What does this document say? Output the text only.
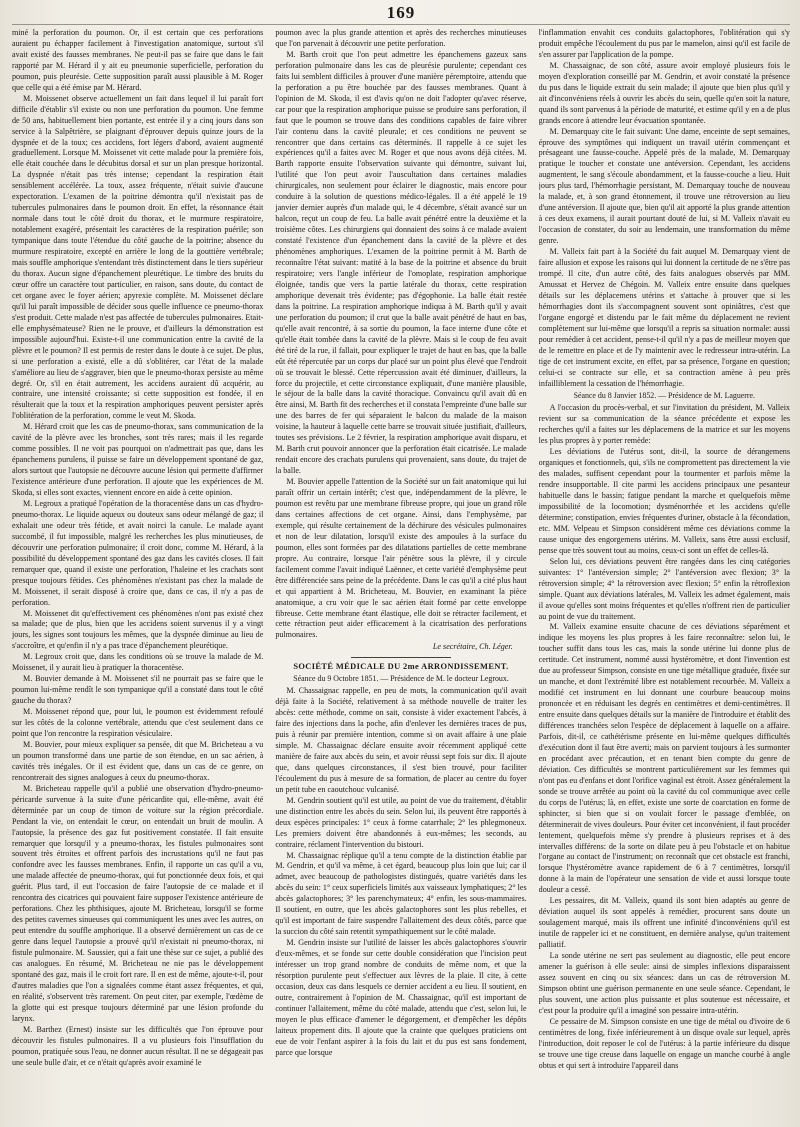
169

miné la perforation du poumon. Or, il est certain que ces perforations auraient pu échapper facilement à l'investigation anatomique, surtout s'il avait existé des fausses membranes. Ne peut-il pas se faire que dans le fait rapporté par M. Hérard il y ait eu pneumonie superficielle, perforation du poumon, puis pleurésie. Cette supposition paraît aussi plausible à M. Roger que celle qui a été émise par M. Hérard.

M. Moissenet observe actuellement un fait dans lequel il lui paraît fort difficile d'établir s'il existe ou non une perforation du poumon. Une femme de 50 ans, habituellement bien portante, est entrée il y a cinq jours dans son service à la Salpêtrière, se plaignant d'éprouver depuis quinze jours de la dyspnée et de la toux; ces accidens, fort légers d'abord, avaient augmenté graduellement. Lorsque M. Moissenet vit cette malade pour la première fois, elle était couchée dans le décubitus dorsal et sur un plan presque horizontal. La dyspnée n'était pas très intense; cependant la respiration était sensiblement accélérée. La toux, assez fréquente, n'était suivie d'aucune expectoration. L'examen de la poitrine démontra qu'il n'existait pas de tubercules pulmonaires dans le poumon droit. En effet, la résonnance était normale dans tout le côté droit du thorax, et le murmure respiratoire, notablement exagéré, présentait les caractères de la respiration puérile; son tympanique dans toute l'étendue du côté gauche de la poitrine; absence du murmure respiratoire, excepté en arrière le long de la gouttière vertébrale; mais souffle amphorique s'entendant très distinctement dans le tiers supérieur du thorax. Aucun signe d'épanchement pleurétique. Le timbre des bruits du cœur offre un caractère tout particulier, en raison, sans doute, du contact de cet organe avec le foyer aérien; apyrexie complète. M. Moissenet déclare qu'il lui paraît impossible de décider sous quelle influence ce pneumo-thorax s'est produit. Cette malade n'est pas affectée de tubercules pulmonaires. Etait-elle emphysémateuse? Rien ne le prouve, et d'ailleurs la démonstration est impossible aujourd'hui. Existe-t-il une communication entre la cavité de la plèvre et le poumon? Il est permis de rester dans le doute à ce sujet. De plus, si une perforation a existé, elle a dû s'oblitérer, car l'état de la malade s'améliore au lieu de s'aggraver, bien que le pneumo-thorax persiste au même degré. Or, s'il en était autrement, les accidens auraient dû acquérir, au contraire, une intensité croissante; si cette supposition est fondée, il en résulterait que la toux et la respiration amphoriques peuvent persister après l'oblitération de la perforation, comme le veut M. Skoda.

M. Hérard croit que les cas de pneumo-thorax, sans communication de la cavité de la plèvre avec les bronches, sont très rares; mais il les regarde comme possibles. Il ne voit pas pourquoi on n'admettrait pas que, dans les épanchemens purulens, il puisse se faire un développement spontané de gaz, alors surtout que l'autopsie ne découvre aucune lésion qui permette d'affirmer l'existence antérieure d'une perforation. Il ajoute que les expériences de M. Skoda, si elles sont exactes, viennent encore en aide à cette opinion.

M. Legroux a pratiqué l'opération de la thoracentèse dans un cas d'hydro-pneumo-thorax. Le liquide aqueux ou douteux sans odeur mélangé de gaz; il exhalait une odeur très fétide, et avait noirci la canule. Le malade ayant succombé, il fut impossible, malgré les recherches les plus minutieuses, de découvrir une perforation pulmonaire; il croit donc, comme M. Hérard, à la possibilité du développement spontané des gaz dans les cavités closes. Il fait remarquer que, quand il existe une perforation, l'haleine et les crachats sont presque toujours fétides. Ces phénomènes n'existant pas chez la malade de M. Moissenet, il serait disposé à croire que, dans ce cas, il n'y a pas de perforation.

M. Moissenet dit qu'effectivement ces phénomènes n'ont pas existé chez sa malade; que de plus, bien que les accidens soient survenus il y a vingt jours, les signes sont toujours les mêmes, que la dyspnée diminue au lieu de s'accroître, et qu'enfin il n'y a pas trace d'épanchement pleurétique.

M. Legroux croit que, dans les conditions où se trouve la malade de M. Moissenet, il y aurait lieu à pratiquer la thoracentèse.

M. Bouvier demande à M. Moissenet s'il ne pourrait pas se faire que le poumon lui-même rendît le son tympanique qu'il a constaté dans tout le côté gauche du thorax?

M. Moissenet répond que, pour lui, le poumon est évidemment refoulé sur les côtés de la colonne vertébrale, attendu que c'est seulement dans ce point que l'on rencontre la respiration vésiculaire.

M. Bouvier, pour mieux expliquer sa pensée, dit que M. Bricheteau a vu un poumon transformé dans une partie de son étendue, en un sac aérien, à cavités très inégales. Or il est évident que, dans un cas de ce genre, on rencontrerait des signes analogues à ceux du pneumo-thorax.

M. Bricheteau rappelle qu'il a publié une observation d'hydro-pneumo-péricarde survenue à la suite d'une péricardite qui, elle-même, avait été déterminée par un coup de timon de voiture sur la région précordiale. Pendant la vie, on entendait le cœur, on entendait un bruit de moulin. A l'autopsie, la présence des gaz fut positivement constatée. Il fait ensuite remarquer que lorsqu'il y a pneumo-thorax, les fistules pulmonaires sont souvent très étroites et offrent parfois des incrustations qu'il ne faut pas confondre avec les fausses membranes. Enfin, il rapporte un cas qu'il a vu, une malade affectée de pneumo-thorax, qui fut ponctionnée deux fois, et qui guérit. Plus tard, il eut l'occasion de faire l'autopsie de ce malade et il rencontra des cicatrices qui pouvaient faire supposer l'existence antérieure de perforations. Chez les phthisiques, ajoute M. Bricheteau, lorsqu'il se forme des petites cavernes sinueuses qui communiquent les unes avec les autres, on peut entendre du souffle amphorique. Il a observé dernièrement un cas de ce genre dans lequel l'autopsie a prouvé qu'il n'existait ni pneumo-thorax, ni fistule pulmonaire. M. Saussier, qui a fait une thèse sur ce sujet, a publié des cas analogues. En résumé, M. Bricheteau ne nie pas le développement spontané des gaz, mais il le croit fort rare. Il en est de même, ajoute-t-il, pour d'autres maladies que l'on a signalées comme étant assez fréquentes, et qui, en réalité, s'observent très rarement. On peut citer, par exemple, l'œdème de la glotte qui est presque toujours déterminé par une lésion profonde du larynx.

M. Barthez (Ernest) insiste sur les difficultés que l'on éprouve pour découvrir les fistules pulmonaires. Il a vu plusieurs fois l'insufflation du poumon, pratiquée sous l'eau, ne donner aucun résultat. Il ne se dégageait pas une seule bulle d'air, et ce n'était qu'après avoir examiné le

poumon avec la plus grande attention et après des recherches minutieuses que l'on parvenait à découvrir une petite perforation.

M. Barth croit que l'on peut admettre les épanchemens gazeux sans perforation pulmonaire dans les cas de pleurésie purulente; cependant ces faits lui semblent difficiles à prouver d'une manière péremptoire, attendu que la perforation a pu être bouchée par des fausses membranes. Quant à l'opinion de M. Skoda, il est d'avis qu'on ne doit l'adopter qu'avec réserve, car pour que la respiration amphorique puisse se produire sans perforation, il faut que le poumon se trouve dans des conditions capables de faire vibrer l'air contenu dans la cavité pleurale; et ces conditions ne peuvent se rencontrer que dans certains cas déterminés. Il rappelle à ce sujet les expériences qu'il a faites avec M. Roger et que nous avons déjà citées. M. Barth rapporte ensuite l'observation suivante qui démontre, suivant lui, l'utilité que l'on peut avoir l'auscultation dans certaines maladies chirurgicales, non seulement pour éclairer le diagnostic, mais encore pour conduire à la solution de questions médico-légales. Il a été appelé le 19 janvier dernier auprès d'un malade qui, le 4 décembre, s'était avancé sur un balcon, reçut un coup de feu. La balle avait pénétré entre la deuxième et la troisième côtes. Les chirurgiens qui donnaient des soins à ce malade avaient constaté l'existence d'un épanchement dans la cavité de la plèvre et des phénomènes amphoriques. L'examen de la poitrine permit à M. Barth de reconnaître l'état suivant: matité à la base de la poitrine et absence du bruit respiratoire; vers l'angle inférieur de l'omoplate, respiration amphorique éloignée, tandis que vers la partie latérale du thorax, cette respiration amphorique devenait très évidente; pas d'égophonie. La balle était restée dans la poitrine. La respiration amphorique indiqua à M. Barth qu'il y avait une perforation du poumon; il crut que la balle avait pénétré de haut en bas, qu'elle avait rencontré, à sa sortie du poumon, la face interne d'une côte et qu'elle était tombée dans la cavité de la plèvre. Mais si le coup de feu avait été tiré de la rue, il fallait, pour expliquer le trajet de haut en bas, que la balle eût été répercutée par un corps dur placé sur un point plus élevé que l'endroit où se trouvait le blessé. Cette répercussion avait été diminuer, d'ailleurs, la force du projectile, et cette circonstance expliquait, d'une manière plausible, le séjour de la balle dans la cavité thoracique. Convaincu qu'il avait dû en être ainsi, M. Barth fit des recherches et il constata l'empreinte d'une balle sur une des barres de fer qui séparaient le balcon du malade de la maison voisine, la hauteur à laquelle cette barre se trouvait située justifiait, d'ailleurs, toutes ses prévisions. Le 2 février, la respiration amphorique avait disparu, et M. Barth crut pouvoir annoncer que la perforation était cicatrisée. Le malade rendait encore des crachats purulens qui provenaient, sans doute, du trajet de la balle.

M. Bouvier appelle l'attention de la Société sur un fait anatomique qui lui paraît offrir un certain intérêt; c'est que, indépendamment de la plèvre, le poumon est revêtu par une membrane fibreuse propre, qui joue un grand rôle dans certaines affections de cet organe. Ainsi, dans l'emphysème, par exemple, qui résulte certainement de la déchirure des vésicules pulmonaires et non de leur dilatation, lorsqu'il existe des ampoules à la surface du poumon, elles sont formées par des dilatations partielles de cette membrane propre. Au contraire, lorsque l'air pénètre sous la plèvre, il y circule facilement comme l'avait indiqué Laënnec, et cette variété d'emphysème peut être différenciée sans peine de la précédente. Dans le cas qu'il a cité plus haut et qui appartient à M. Bricheteau, M. Bouvier, en examinant la pièce anatomique, a cru voir que le sac aérien était formé par cette enveloppe fibreuse. Cette membrane étant élastique, elle doit se rétracter facilement, et cette rétraction peut aider efficacement à la cicatrisation des perforations pulmonaires.

Le secrétaire, Ch. Léger.
SOCIÉTÉ MÉDICALE DU 2me ARRONDISSEMENT.
Séance du 9 Octobre 1851. — Présidence de M. le docteur Legroux.

M. Chassaignac rappelle, en peu de mots, la communication qu'il avait déjà faite à la Société, relativement à sa méthode nouvelle de traiter les abcès: cette méthode, comme on sait, consiste à vider exactement l'abcès, à faire des injections dans la poche, afin d'enlever les dernières traces de pus, puis à réunir par première intention, comme si on avait affaire à une plaie simple. M. Chassaignac déclare ensuite avoir récemment appliqué cette manière de faire aux abcès du sein, et avoir réussi sept fois sur dix. Il ajoute que, dans quelques circonstances, il s'est bien trouvé, pour faciliter l'écoulement du pus à mesure de sa formation, de placer au centre du foyer un petit tube en caoutchouc vulcanisé.

M. Gendrin soutient qu'il est utile, au point de vue du traitement, d'établir une distinction entre les abcès du sein. Selon lui, ils peuvent être rapportés à deux espèces principales: 1° ceux à forme catarrhale; 2° les phlegmoneux. Les premiers doivent être abandonnés à eux-mêmes; les seconds, au contraire, réclament l'intervention du bistouri.

M. Chassaignac réplique qu'il a tenu compte de la distinction établie par M. Gendrin, et qu'il va même, à cet égard, beaucoup plus loin que lui; car il admet, avec beaucoup de pathologistes distingués, quatre variétés dans les abcès du sein: 1° ceux superficiels limités aux vaisseaux lymphatiques; 2° les abcès galactophores; 3° les parenchymateux; 4° enfin, les sous-mammaires. Il soutient, en outre, que les abcès galactophores sont les plus rebelles, et qu'il est important de faire suspendre l'allaitement des deux côtés, parce que la succion du côté sain retentit sympathiquement sur le côté malade.

M. Gendrin insiste sur l'utilité de laisser les abcès galactophores s'ouvrir d'eux-mêmes, et se fonde sur cette double considération que l'incision peut intéresser un trop grand nombre de conduits de même nom, et que la résorption purulente peut s'effectuer aux lèvres de la plaie. Il cite, à cette occasion, deux cas dans lesquels ce dernier accident a eu lieu. Il soutient, en outre, contrairement à l'opinion de M. Chassaignac, qu'il est important de continuer l'allaitement, même du côté malade, attendu que c'est, selon lui, le moyen le plus efficace d'amener le dégorgement, et d'empêcher les dépôts laiteux propement dits. Il ajoute que la crainte que quelques praticiens ont eue de voir l'enfant aspirer à la fois du lait et du pus est sans fondement, parce que lorsque

l'inflammation envahit ces conduits galactophores, l'oblitération qui s'y produit empêche l'écoulement du pus par le mamelon, ainsi qu'il est facile de s'en assurer par l'application de la pompe.

M. Chassaignac, de son côté, assure avoir employé plusieurs fois le moyen d'exploration conseillé par M. Gendrin, et avoir constaté la présence du pus dans le liquide extrait du sein malade; il ajoute que bien plus qu'il y ait d'inconvéniens réels à ouvrir les abcès du sein, quelle qu'en soit la nature, quand ils sont parvenus à la période de maturité, et estime qu'il y en a de plus grands encore à attendre leur évacuation spontanée.

M. Demarquay cite le fait suivant: Une dame, enceinte de sept semaines, éprouve des symptômes qui indiquent un travail utérin commençant et présageant une fausse-couche. Appelé près de la malade, M. Demarquay pratique le toucher et constate une antéversion. Cependant, les accidens augmentent, le sang s'écoule abondamment, et la fausse-couche a lieu. Huit jours plus tard, l'hémorrhagie persistant, M. Demarquay touche de nouveau la malade, et, à son grand étonnement, il trouve une rétroversion au lieu d'une antéversion. Il ajoute que, bien qu'il ait apporté la plus grande attention à ces deux examens, il aurait pourtant douté de lui, si M. Valleix n'avait eu l'occasion de constater, du soir au lendemain, une transformation du même genre.

M. Valleix fait part à la Société du fait auquel M. Demarquay vient de faire allusion et expose les raisons qui lui donnent la certitude de ne s'être pas trompé. Il cite, d'un autre côté, des faits analogues observés par MM. Amussat et Hervez de Chégoin. M. Valleix entre ensuite dans quelques détails sur les déplacemens utérins et s'attache à prouver que si les hémorrhagies dont ils s'accompagnent souvent sont opiniâtres, c'est que l'organe engorgé et distendu par le fait même du déplacement ne revient complètement sur lui-même que lorsqu'il a repris sa situation normale: aussi pour remédier à cet accident, pense-t-il qu'il n'y a pas de meilleur moyen que de le remettre en place et de l'y maintenir avec le redresseur intra-utérin. La tige de cet instrument excite, en effet, par sa présence, l'organe en question; celui-ci se contracte sur elle, et sa contraction amène à peu près infailliblement la cessation de l'hémorrhagie.

Séance du 8 Janvier 1852. — Présidence de M. Laguerre.

A l'occasion du procès-verbal, et sur l'invitation du président, M. Valleix revient sur sa communication de la séance précédente et expose les recherches qu'il a faites sur les déplacemens de la matrice et sur les moyens les plus propres à y porter remède:

Les déviations de l'utérus sont, dit-il, la source de dérangemens organiques et fonctionnels, qui, s'ils ne compromettent pas directement la vie des malades, suffisent cependant pour la tourmenter et parfois même la rendre insupportable. Il cite parmi les accidens principaux une pesanteur habituelle dans le bassin; fatigue pendant la marche et quelquefois même impossibilité de la locomotion; dysménorrhée et les accidens qu'elle détermine; constipation, envies fréquentes d'uriner, obstacle à la fécondation, etc. MM. Velpeau et Simpson considèrent même ces déviations comme la cause unique des engorgemens utérins. M. Valleix, sans être aussi exclusif, pense que très souvent tout au moins, ceux-ci sont un effet de celles-là.

Selon lui, ces déviations peuvent être rangées dans les cinq catégories suivantes: 1° l'antéversion simple; 2° l'antéversion avec flexion; 3° la rétroversion simple; 4° la rétroversion avec flexion; 5° enfin la rétroflexion simple. Quant aux déviations latérales, M. Valleix les admet également, mais il avoue qu'elles sont moins fréquentes et qu'elles n'offrent rien de particulier au point de vue du traitement.

M. Valleix examine ensuite chacune de ces déviations séparément et indique les moyens les plus propres à les faire reconnaître: selon lui, le toucher suffit dans tous les cas, mais la sonde utérine lui donne plus de certitude. Cet instrument, nommé aussi hystéromètre, et dont l'invention est due au professeur Simpson, consiste en une tige métallique graduée, fixée sur un manche, et dont l'extrémité libre est notablement recourbée. M. Valleix a modifié cet instrument en lui donnant une courbure beaucoup moins prononcée et en réduisant les degrés en centimètres et demi-centimètres. Il entre ensuite dans quelques détails sur la manière de l'introduire et établit des différences tranchées selon l'espèce de déplacement à laquelle on a affaire. Parfois, dit-il, ce cathétérisme présente en lui-même quelques difficultés d'exécution dont il faut être averti; mais on parvient toujours à les surmonter en procédant avec précaution, et en tenant bien compte du genre de déviation. Ces difficultés se montrent particulièrement sur les femmes qui n'ont pas eu d'enfans et dont l'orifice vaginal est étroit. Assez généralement la sonde se trouve arrêtée au point où la cavité du col communique avec celle du corps de l'utérus; là, en effet, existe une sorte de coarctation en forme de sphincter, si bien que si on voulait forcer le passage d'emblée, on déterminerait de vives douleurs. Pour éviter cet inconvénient, il faut procéder lentement, quelquefois même s'y prendre à plusieurs reprises et à des intervalles différens: de la sorte on dilate peu à peu l'obstacle et on habitue l'organe au contact de l'instrument; on reconnaît que cet obstacle est franchi, lorsque l'hystéromètre avance rapidement de 6 à 7 centimètres, lorsqu'il donne à la main de l'opérateur une sensation de vide et aussi lorsque toute douleur a cessé.

Les pessaires, dit M. Valleix, quand ils sont bien adaptés au genre de déviation auquel ils sont appelés à remédier, procurent sans doute un soulagement marqué, mais ils offrent une infinité d'inconvéniens qu'il est inutile de rappeler ici et ne constituent, en dernière analyse, qu'un traitement palliatif.

La sonde utérine ne sert pas seulement au diagnostic, elle peut encore amener la guérison à elle seule: ainsi de simples inflexions disparaissent assez souvent en cinq ou six séances: dans un cas de rétroversion M. Simpson obtint une guérison permanente en une seule séance. Cependant, le plus souvent, une action plus puissante et plus soutenue est nécessaire, et c'est pour la produire qu'il a imaginé son pessaire intra-utérin.

Ce pessaire de M. Simpson consiste en une tige de métal ou d'ivoire de 6 centimètres de long, fixée inférieurement à un disque ovale sur lequel, après l'introduction, doit reposer le col de l'utérus: à la partie inférieure du disque se trouve une tige creuse dans laquelle on engage un manche courbé à angle obtus et qui sert à introduire l'appareil dans
